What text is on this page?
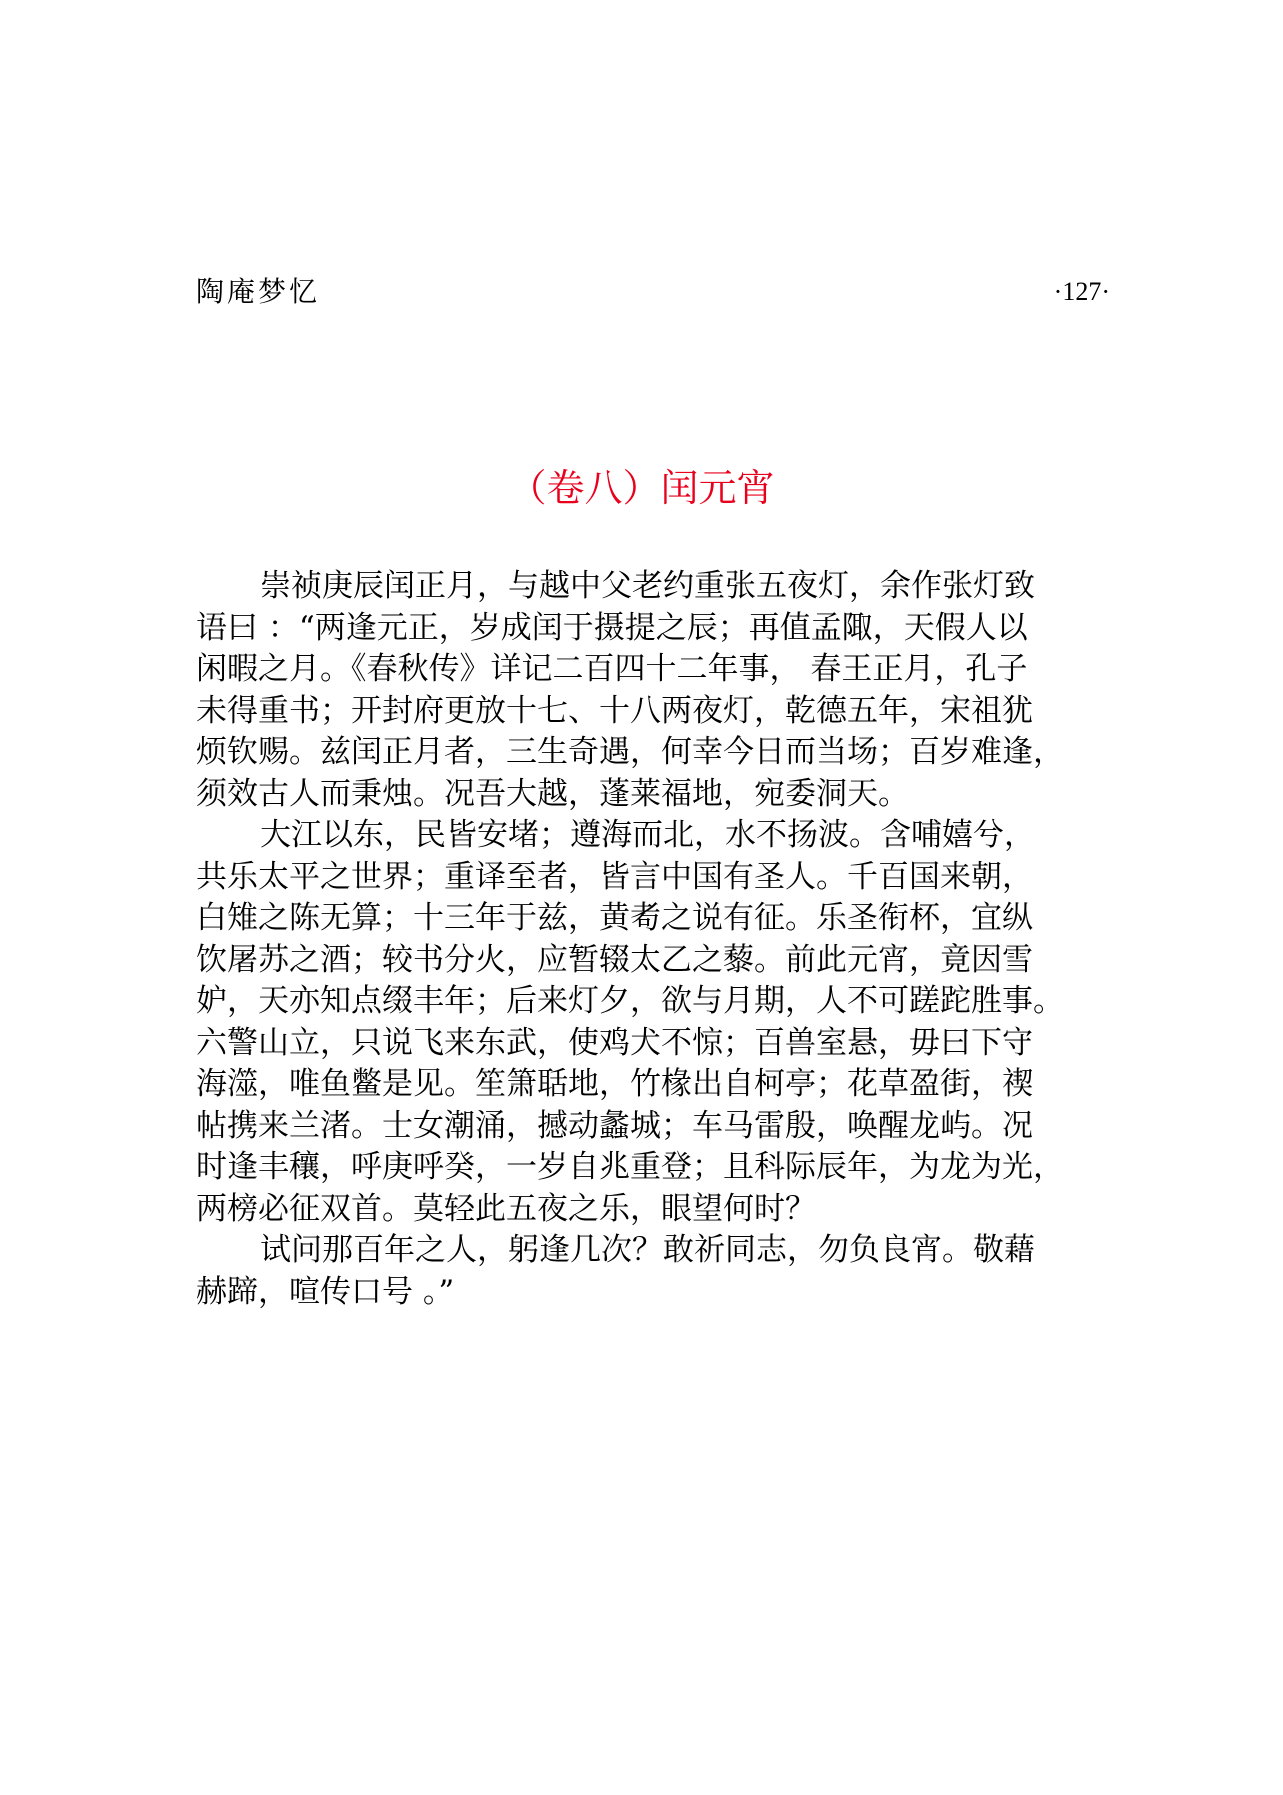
陶庵梦忆	·127·
（卷八）闰元宵
崇祯庚辰闰正月，与越中父老约重张五夜灯，余作张灯致
语曰 ：“两逢元正，岁成闰于摄提之辰；再值孟陬，天假人以
闲暇之月。《春秋传》详记二百四十二年事， 春王正月，孔子
未得重书；开封府更放十七、十八两夜灯，乾德五年，宋祖犹
烦钦赐。兹闰正月者，三生奇遇，何幸今日而当场；百岁难逢，
须效古人而秉烛。况吾大越，蓬莱福地，宛委洞天。
大江以东，民皆安堵；遵海而北，水不扬波。含哺嬉兮，
共乐太平之世界；重译至者，皆言中国有圣人。千百国来朝，
白雉之陈无算；十三年于兹，黄耇之说有征。乐圣衔杯，宜纵
饮屠苏之酒；较书分火，应暂辍太乙之藜。前此元宵，竟因雪
妒，天亦知点缀丰年；后来灯夕，欲与月期，人不可蹉跎胜事。
六警山立，只说飞来东武，使鸡犬不惊；百兽室悬，毋曰下守
海澨，唯鱼鳖是见。笙箫聒地，竹椽出自柯亭；花草盈街，禊
帖携来兰渚。士女潮涌，撼动蠡城；车马雷殷，唤醒龙屿。况
时逢丰穰，呼庚呼癸，一岁自兆重登；且科际辰年，为龙为光，
两榜必征双首。莫轻此五夜之乐，眼望何时？
试问那百年之人，躬逢几次？敢祈同志，勿负良宵。敬藉
赫蹄，喧传口号 。”
